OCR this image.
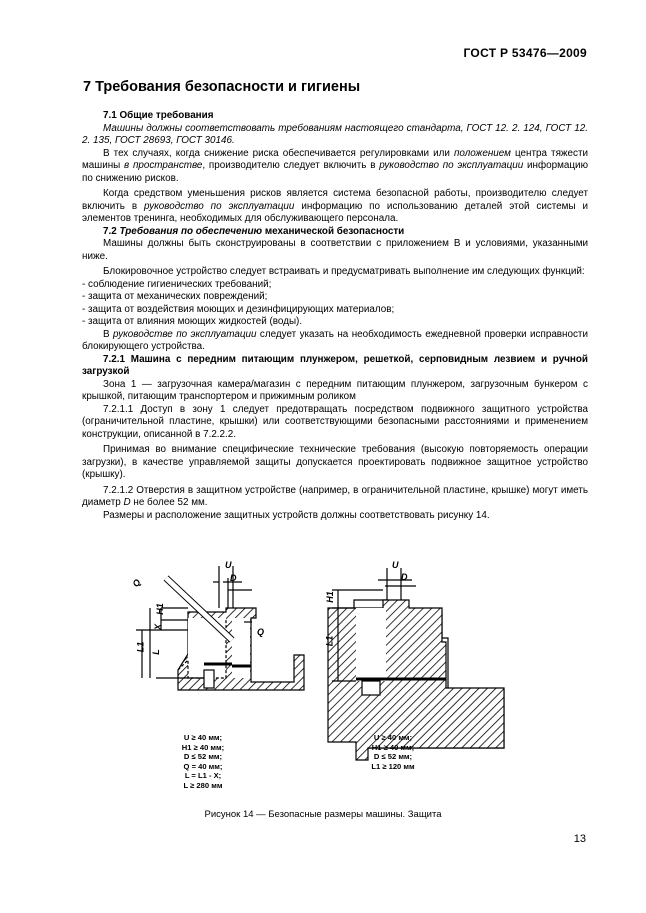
ГОСТ Р 53476—2009
7 Требования безопасности и гигиены

7.1 Общие требования

Машины должны соответствовать требованиям настоящего стандарта, ГОСТ 12. 2. 124, ГОСТ 12. 2. 135, ГОСТ 28693, ГОСТ 30146.

В тех случаях, когда снижение риска обеспечивается регулировками или положением центра тяжести машины в пространстве, производителю следует включить в руководство по эксплуатации информацию по снижению рисков.

Когда средством уменьшения рисков является система безопасной работы, производителю следует включить в руководство по эксплуатации информацию по использованию деталей этой системы и элементов тренинга, необходимых для обслуживающего персонала.

7.2 Требования по обеспечению механической безопасности

Машины должны быть сконструированы в соответствии с приложением В и условиями, указанными ниже.

Блокировочное устройство следует встраивать и предусматривать выполнение им следующих функций:

- соблюдение гигиенических требований;

- защита от механических повреждений;

- защита от воздействия моющих и дезинфицирующих материалов;

- защита от влияния моющих жидкостей (воды).

В руководстве по эксплуатации следует указать на необходимость ежедневной проверки исправности блокирующего устройства.

7.2.1 Машина с передним питающим плунжером, решеткой, серповидным лезвием и ручной загрузкой

Зона 1 — загрузочная камера/магазин с передним питающим плунжером, загрузочным бункером с крышкой, питающим транспортером и прижимным роликом

7.2.1.1 Доступ в зону 1 следует предотвращать посредством подвижного защитного устройства (ограничительной пластине, крышки) или соответствующими безопасными расстояниями и применением конструкции, описанной в 7.2.2.2.

Принимая во внимание специфические технические требования (высокую повторяемость операции загрузки), в качестве управляемой защиты допускается проектировать подвижное защитное устройство (крышку).

7.2.1.2 Отверстия в защитном устройстве (например, в ограничительной пластине, крышке) могут иметь диаметр D не более 52 мм.

Размеры и расположение защитных устройств должны соответствовать рисунку 14.

Q
U
D
H1
X
L1 L
Q
U
D
H1
L1
U ≥ 40 мм;
H1 ≥ 40 мм;
D ≤ 52 мм;
Q = 40 мм;
L = L1 - X;
L ≥ 280 мм
U ≥ 40 мм;
H1 ≥ 40 мм;
D ≤ 52 мм;
L1 ≥ 120 мм
Рисунок 14 — Безопасные размеры машины. Защита
13
